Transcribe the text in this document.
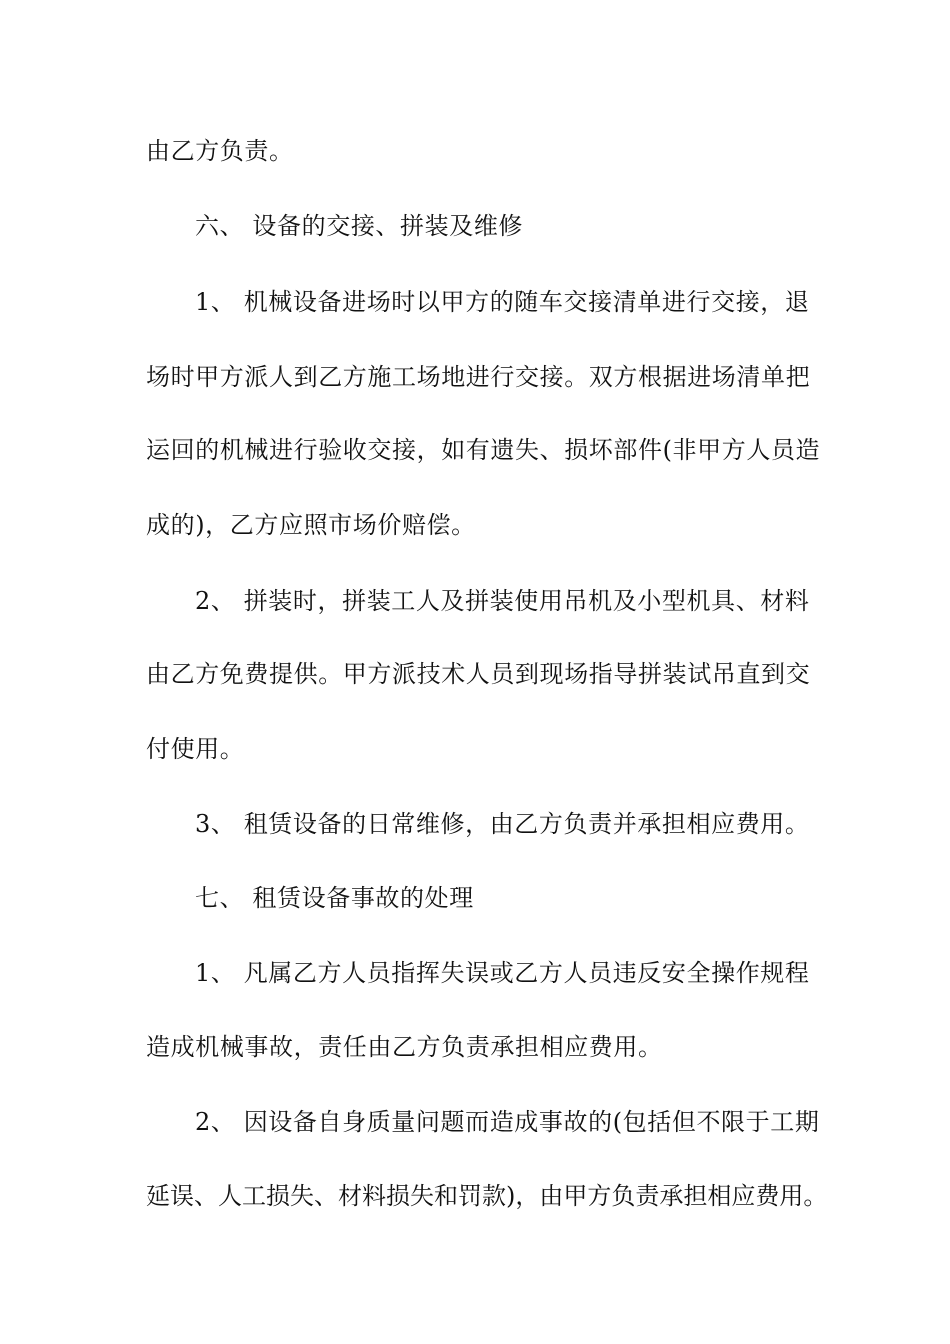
由乙方负责。
六、 设备的交接、拼装及维修
1、 机械设备进场时以甲方的随车交接清单进行交接，退
场时甲方派人到乙方施工场地进行交接。双方根据进场清单把
运回的机械进行验收交接，如有遗失、损坏部件(非甲方人员造
成的)，乙方应照市场价赔偿。
2、 拼装时，拼装工人及拼装使用吊机及小型机具、材料
由乙方免费提供。甲方派技术人员到现场指导拼装试吊直到交
付使用。
3、 租赁设备的日常维修，由乙方负责并承担相应费用。
七、 租赁设备事故的处理
1、 凡属乙方人员指挥失误或乙方人员违反安全操作规程
造成机械事故，责任由乙方负责承担相应费用。
2、 因设备自身质量问题而造成事故的(包括但不限于工期
延误、人工损失、材料损失和罚款)，由甲方负责承担相应费用。
